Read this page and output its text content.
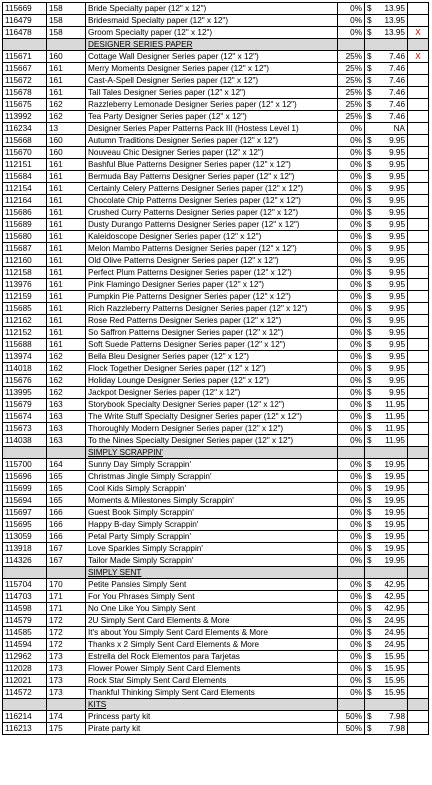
115669	158	Bride Specialty paper (12" x 12")	0%	$	13.95	
116479	158	Bridesmaid Specialty paper (12" x 12")	0%	$	13.95	
116478	158	Groom Specialty paper (12" x 12")	0%	$	13.95	X
		DESIGNER SERIES PAPER				
115671	160	Cottage Wall Designer Series paper (12" x 12")	25%	$	7.46	X
115667	161	Merry Moments Designer Series paper (12" x 12")	25%	$	7.46	
115672	161	Cast-A-Spell Designer Series paper (12" x 12")	25%	$	7.46	
115678	161	Tall Tales Designer Series paper (12" x 12")	25%	$	7.46	
115675	162	Razzleberry Lemonade Designer Series paper (12" x 12")	25%	$	7.46	
113992	162	Tea Party Designer Series paper (12" x 12")	25%	$	7.46	
116234	13	Designer Series Paper Patterns Pack III (Hostess Level 1)	0%		NA	
115668	160	Autumn Traditions Designer Series paper (12" x 12")	0%	$	9.95	
115670	160	Nouveau Chic Designer Series paper (12" x 12")	0%	$	9.95	
112151	161	Bashful Blue Patterns Designer Series paper (12" x 12")	0%	$	9.95	
115684	161	Bermuda Bay Patterns Designer Series paper (12" x 12")	0%	$	9.95	
112154	161	Certainly Celery Patterns Designer Series paper (12" x 12")	0%	$	9.95	
112164	161	Chocolate Chip Patterns Designer Series paper (12" x 12")	0%	$	9.95	
115686	161	Crushed Curry Patterns Designer Series paper (12" x 12")	0%	$	9.95	
115689	161	Dusty Durango Patterns Designer Series paper (12" x 12")	0%	$	9.95	
115680	161	Kaleidoscope Designer Series paper (12" x 12")	0%	$	9.95	
115687	161	Melon Mambo Patterns Designer Series paper (12" x 12")	0%	$	9.95	
112160	161	Old Olive Patterns Designer Series paper (12" x 12")	0%	$	9.95	
112158	161	Perfect Plum Patterns Designer Series paper (12" x 12")	0%	$	9.95	
113976	161	Pink Flamingo Designer Series paper (12" x 12")	0%	$	9.95	
112159	161	Pumpkin Pie Patterns Designer Series paper (12" x 12")	0%	$	9.95	
115685	161	Rich Razzleberry Patterns Designer Series paper (12" x 12")	0%	$	9.95	
112162	161	Rose Red Patterns Designer Series paper (12" x 12")	0%	$	9.95	
112152	161	So Saffron Patterns Designer Series paper (12" x 12")	0%	$	9.95	
115688	161	Soft Suede Patterns Designer Series paper (12" x 12")	0%	$	9.95	
113974	162	Bella Bleu Designer Series paper (12" x 12")	0%	$	9.95	
114018	162	Flock Together Designer Series paper (12" x 12")	0%	$	9.95	
115676	162	Holiday Lounge Designer Series paper (12" x 12")	0%	$	9.95	
113995	162	Jackpot Designer Series paper (12" x 12")	0%	$	9.95	
115679	163	Storybook Specialty Designer Series paper (12" x 12")	0%	$	11.95	
115674	163	The Write Stuff Specialty Designer Series paper (12" x 12")	0%	$	11.95	
115673	163	Thoroughly Modern Designer Series paper (12" x 12")	0%	$	11.95	
114038	163	To the Nines Specialty Designer Series paper (12" x 12")	0%	$	11.95	
		SIMPLY SCRAPPIN'				
115700	164	Sunny Day Simply Scrappin'	0%	$	19.95	
115696	165	Christmas Jingle Simply Scrappin'	0%	$	19.95	
115699	165	Cool Kids Simply Scrappin'	0%	$	19.95	
115694	165	Moments & Milestones Simply Scrappin'	0%	$	19.95	
115697	166	Guest Book Simply Scrappin'	0%	$	19.95	
115695	166	Happy B-day Simply Scrappin'	0%	$	19.95	
113059	166	Petal Party Simply Scrappin'	0%	$	19.95	
113918	167	Love Sparkles Simply Scrappin'	0%	$	19.95	
114326	167	Tailor Made Simply Scrappin'	0%	$	19.95	
		SIMPLY SENT				
115704	170	Petite Pansies Simply Sent	0%	$	42.95	
114703	171	For You Phrases Simply Sent	0%	$	42.95	
114598	171	No One Like You Simply Sent	0%	$	42.95	
114579	172	2U Simply Sent Card Elements & More	0%	$	24.95	
114585	172	It's about You Simply Sent Card Elements & More	0%	$	24.95	
114594	172	Thanks x 2 Simply Sent Card Elements & More	0%	$	24.95	
112962	173	Estrella del Rock Elementos para Tarjetas	0%	$	15.95	
112028	173	Flower Power Simply Sent Card Elements	0%	$	15.95	
112021	173	Rock Star Simply Sent Card Elements	0%	$	15.95	
114572	173	Thankful Thinking Simply Sent Card Elements	0%	$	15.95	
		KITS				
116214	174	Princess party kit	50%	$	7.98	
116213	175	Pirate party kit	50%	$	7.98	
